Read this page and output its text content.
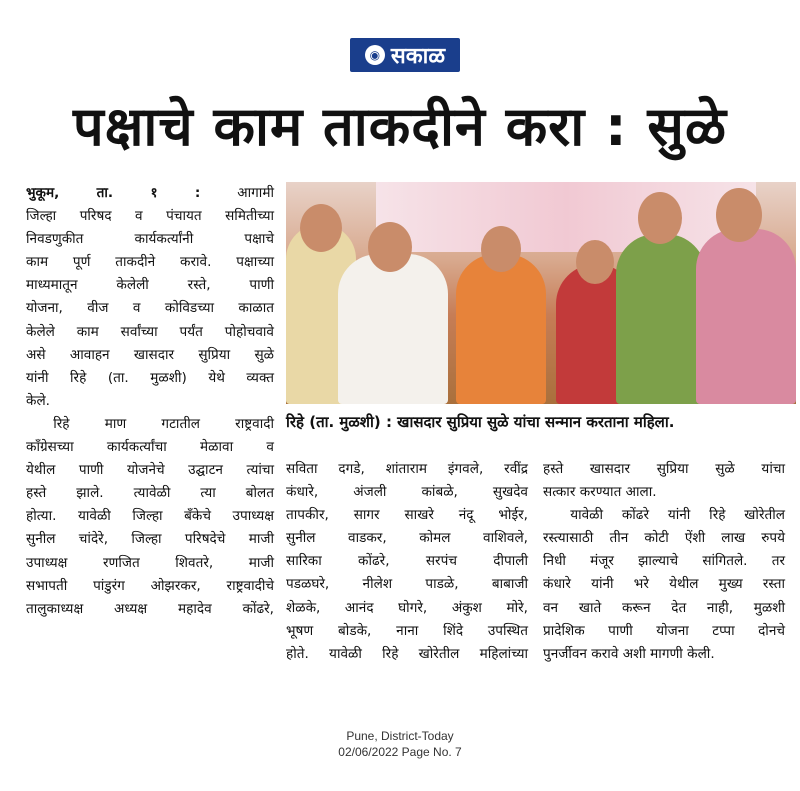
◉ सकाळ
पक्षाचे काम ताकदीने करा : सुळे
रिहे (ता. मुळशी) : खासदार सुप्रिया सुळे यांचा सन्मान करताना महिला.

भुकूम, ता. १ :	आगामी

जिल्हा परिषद व पंचायत समितीच्या

निवडणुकीत कार्यकर्त्यांनी पक्षाचे

काम पूर्ण ताकदीने करावे. पक्षाच्या

माध्यमातून केलेली रस्ते, पाणी

योजना, वीज व कोविडच्या काळात

केलेले काम सर्वांच्या पर्यंत पोहोचवावे

असे आवाहन खासदार सुप्रिया सुळे

यांनी रिहे (ता. मुळशी) येथे व्यक्त

केले.

रिहे माण गटातील राष्ट्रवादी

काँग्रेसच्या कार्यकर्त्यांचा मेळावा व

येथील पाणी योजनेचे उद्घाटन त्यांचा

हस्ते झाले. त्यावेळी त्या बोलत

होत्या. यावेळी जिल्हा बँकेचे उपाध्यक्ष

सुनील चांदेरे, जिल्हा परिषदेचे माजी

उपाध्यक्ष रणजित शिवतरे, माजी

सभापती पांडुरंग ओझरकर, राष्ट्रवादीचे

तालुकाध्यक्ष अध्यक्ष महादेव कोंढरे,

सविता दगडे, शांताराम इंगवले, रवींद्र

कंधारे, अंजली कांबळे, सुखदेव

तापकीर, सागर साखरे नंदू भोईर,

सुनील वाडकर, कोमल वाशिवले,

सारिका कोंढरे, सरपंच दीपाली

पडळघरे, नीलेश पाडळे, बाबाजी

शेळके, आनंद घोगरे, अंकुश मोरे,

भूषण बोडके, नाना शिंदे उपस्थित

होते. यावेळी रिहे खोरेतील महिलांच्या

हस्ते खासदार सुप्रिया सुळे यांचा

सत्कार करण्यात आला.

यावेळी कोंढरे यांनी रिहे खोरेतील

रस्त्यासाठी तीन कोटी ऐंशी लाख रुपये

निधी मंजूर झाल्याचे सांगितले. तर

कंधारे यांनी भरे येथील मुख्य रस्ता

वन खाते करून देत नाही, मुळशी

प्रादेशिक पाणी योजना टप्पा दोनचे

पुनर्जीवन करावे अशी मागणी केली.

Pune, District-Today
02/06/2022 Page No. 7
